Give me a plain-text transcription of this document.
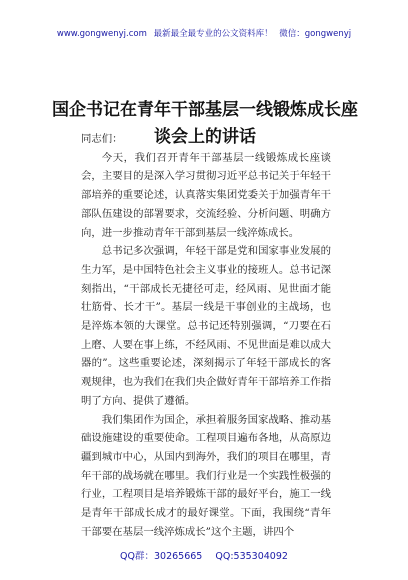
www.gongwenyj.com 最新最全最专业的公文资料库！ 微信：gongwenyj
国企书记在青年干部基层一线锻炼成长座谈会上的讲话

同志们：

今天，我们召开青年干部基层一线锻炼成长座谈会，主要目的是深入学习贯彻习近平总书记关于年轻干部培养的重要论述，认真落实集团党委关于加强青年干部队伍建设的部署要求，交流经验、分析问题、明确方向，进一步推动青年干部到基层一线淬炼成长。

总书记多次强调，年轻干部是党和国家事业发展的生力军，是中国特色社会主义事业的接班人。总书记深刻指出，“干部成长无捷径可走，经风雨、见世面才能壮筋骨、长才干”。基层一线是干事创业的主战场，也是淬炼本领的大课堂。总书记还特别强调，“刀要在石上磨、人要在事上练，不经风雨、不见世面是难以成大器的”。这些重要论述，深刻揭示了年轻干部成长的客观规律，也为我们在我们央企做好青年干部培养工作指明了方向、提供了遵循。

我们集团作为国企，承担着服务国家战略、推动基础设施建设的重要使命。工程项目遍布各地，从高原边疆到城市中心，从国内到海外，我们的项目在哪里，青年干部的战场就在哪里。我们行业是一个实践性极强的行业，工程项目是培养锻炼干部的最好平台，施工一线是青年干部成长成才的最好课堂。下面，我围绕“青年干部要在基层一线淬炼成长”这个主题，讲四个

QQ群：30265665 QQ:535304092
